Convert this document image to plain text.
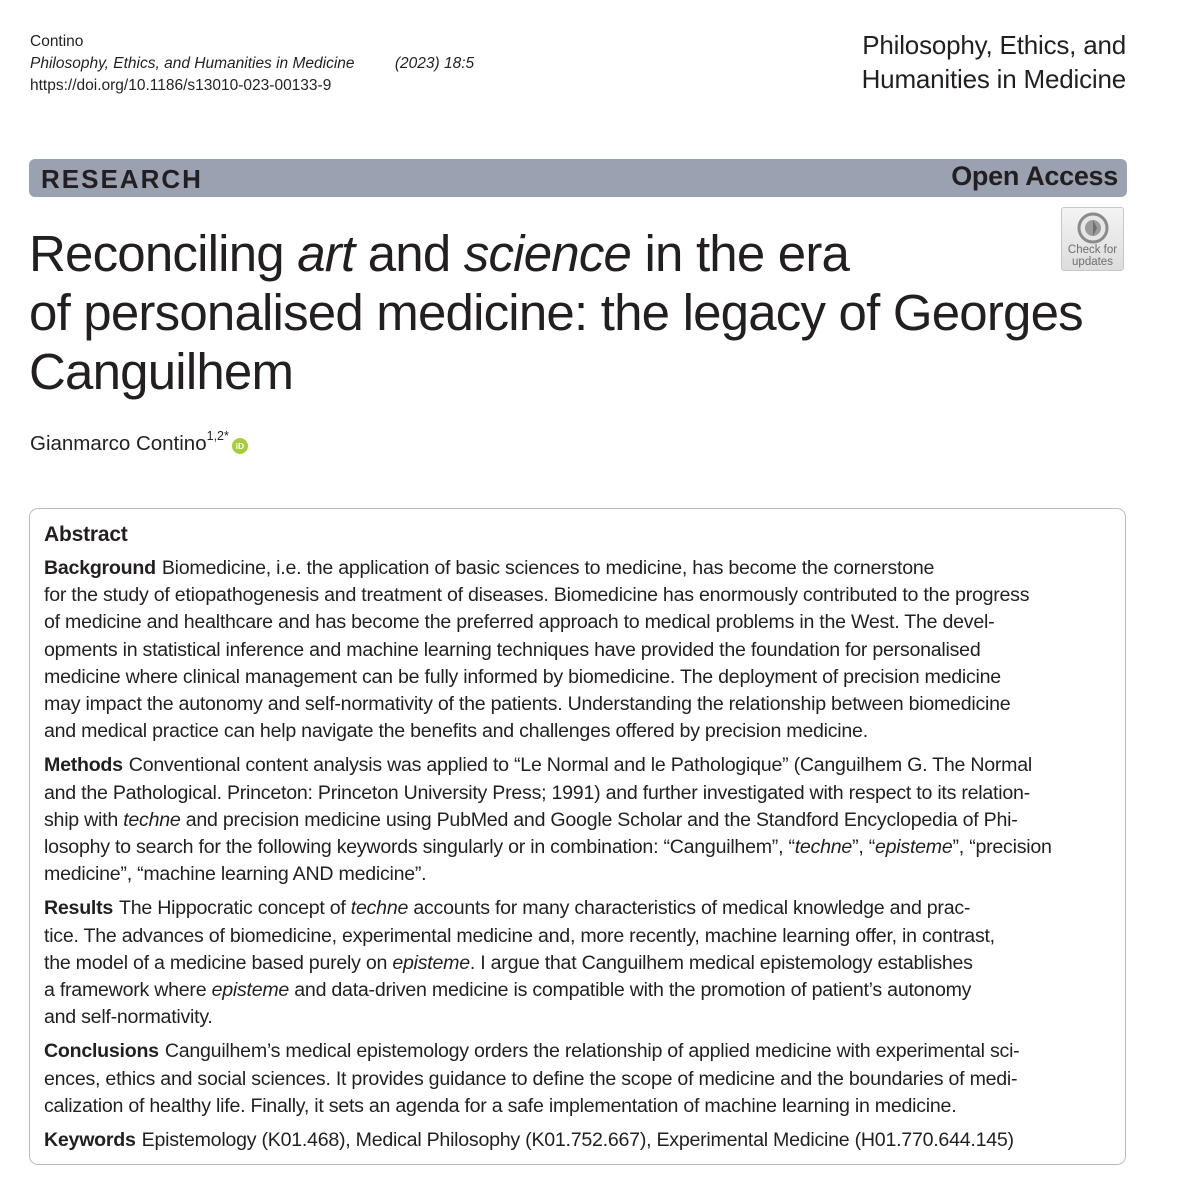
Contino
Philosophy, Ethics, and Humanities in Medicine	(2023) 18:5
https://doi.org/10.1186/s13010-023-00133-9
Philosophy, Ethics, and
Humanities in Medicine
RESEARCH	Open Access
Check for
updates
Reconciling art and science in the era
of personalised medicine: the legacy of Georges
Canguilhem
Gianmarco Contino$^{1,2*}$iD
Abstract
Background Biomedicine, i.e. the application of basic sciences to medicine, has become the cornerstone
for the study of etiopathogenesis and treatment of diseases. Biomedicine has enormously contributed to the progress
of medicine and healthcare and has become the preferred approach to medical problems in the West. The devel-
opments in statistical inference and machine learning techniques have provided the foundation for personalised
medicine where clinical management can be fully informed by biomedicine. The deployment of precision medicine
may impact the autonomy and self-normativity of the patients. Understanding the relationship between biomedicine
and medical practice can help navigate the benefits and challenges offered by precision medicine.
Methods Conventional content analysis was applied to “Le Normal and le Pathologique” (Canguilhem G. The Normal
and the Pathological. Princeton: Princeton University Press; 1991) and further investigated with respect to its relation-
ship with techne and precision medicine using PubMed and Google Scholar and the Standford Encyclopedia of Phi-
losophy to search for the following keywords singularly or in combination: “Canguilhem”, “techne”, “episteme”, “precision
medicine”, “machine learning AND medicine”.
Results The Hippocratic concept of techne accounts for many characteristics of medical knowledge and prac-
tice. The advances of biomedicine, experimental medicine and, more recently, machine learning offer, in contrast,
the model of a medicine based purely on episteme. I argue that Canguilhem medical epistemology establishes
a framework where episteme and data-driven medicine is compatible with the promotion of patient’s autonomy
and self-normativity.
Conclusions Canguilhem’s medical epistemology orders the relationship of applied medicine with experimental sci-
ences, ethics and social sciences. It provides guidance to define the scope of medicine and the boundaries of medi-
calization of healthy life. Finally, it sets an agenda for a safe implementation of machine learning in medicine.
Keywords Epistemology (K01.468), Medical Philosophy (K01.752.667), Experimental Medicine (H01.770.644.145)
